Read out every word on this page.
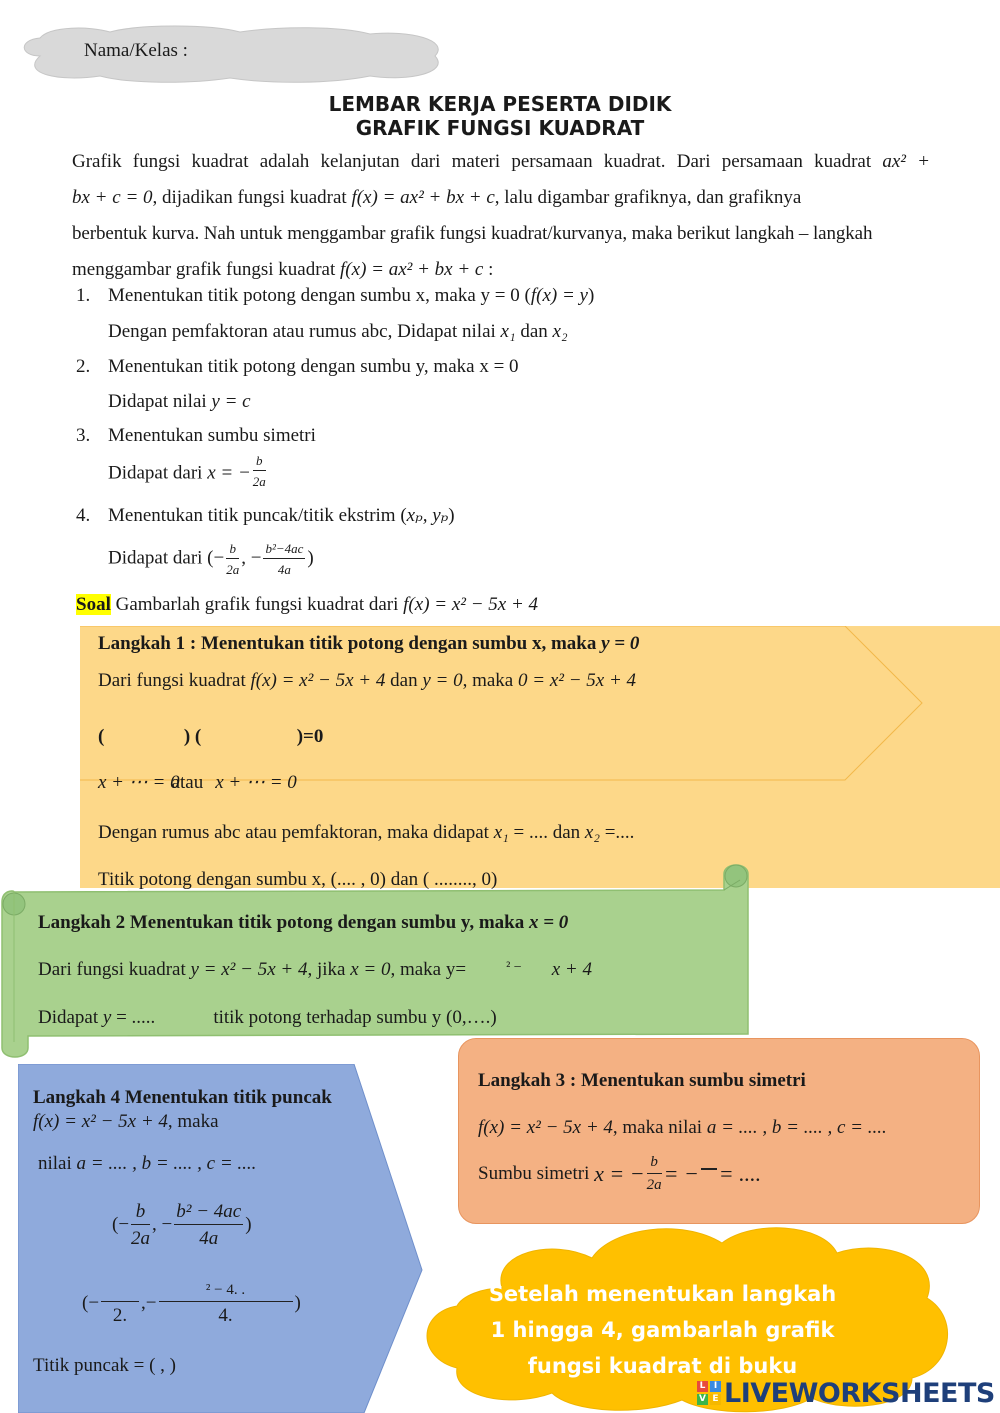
Nama/Kelas :
LEMBAR KERJA PESERTA DIDIK
GRAFIK FUNGSI KUADRAT
Grafik fungsi kuadrat adalah kelanjutan dari materi persamaan kuadrat. Dari persamaan kuadrat ax² +
bx + c = 0, dijadikan fungsi kuadrat f(x) = ax² + bx + c, lalu digambar grafiknya, dan grafiknya
berbentuk kurva. Nah untuk menggambar grafik fungsi kuadrat/kurvanya, maka berikut langkah – langkah
menggambar grafik fungsi kuadrat f(x) = ax² + bx + c :
1. Menentukan titik potong dengan sumbu x, maka y = 0 (f(x) = y)
Dengan pemfaktoran atau rumus abc, Didapat nilai x₁ dan x₂
2. Menentukan titik potong dengan sumbu y, maka x = 0
Didapat nilai y = c
3. Menentukan sumbu simetri
Didapat dari x = − $\frac{b}{2a}$
4. Menentukan titik puncak/titik ekstrim (xₚ, yₚ)
Didapat dari (− $\frac{b}{2a}$ , − $\frac{\text{b²−4ac}}{4a}$ )
Soal Gambarlah grafik fungsi kuadrat dari f(x) = x² − 5x + 4
Langkah 1 : Menentukan titik potong dengan sumbu x, maka y = 0
Dari fungsi kuadrat f(x) = x² − 5x + 4 dan y = 0, maka 0 = x² − 5x + 4
(	) (	)=0
x + ⋯ = 0atau x + ⋯ = 0
Dengan rumus abc atau pemfaktoran, maka didapat x₁ = .... dan x₂ =....
Titik potong dengan sumbu x, (.... , 0) dan ( ........, 0)
Langkah 2 Menentukan titik potong dengan sumbu y, maka x = 0
Dari fungsi kuadrat y = x² − 5x + 4, jika x = 0, maka y=	$^{^2 -}$ x + 4
Didapat y = .....	titik potong terhadap sumbu y (0,….)
Langkah 3 : Menentukan sumbu simetri
f(x) = x² − 5x + 4, maka nilai a = .... , b = .... , c = ....
Sumbu simetri x = − $\frac{b}{2a}$ = − = ....
Langkah 4 Menentukan titik puncak
f(x) = x² − 5x + 4, maka
nilai a = .... , b = .... , c = ....
(− $\frac{b}{2a}$ , − $\frac{\text{b² − 4ac}}{4a}$ )
(−
2.
,− $\frac{\text{² − 4. .}}{4.}$ )
Titik puncak = ( , )
Setelah menentukan langkah
1 hingga 4, gambarlah grafik
fungsi kuadrat di buku
L I
V E LIVEWORKSHEETS
